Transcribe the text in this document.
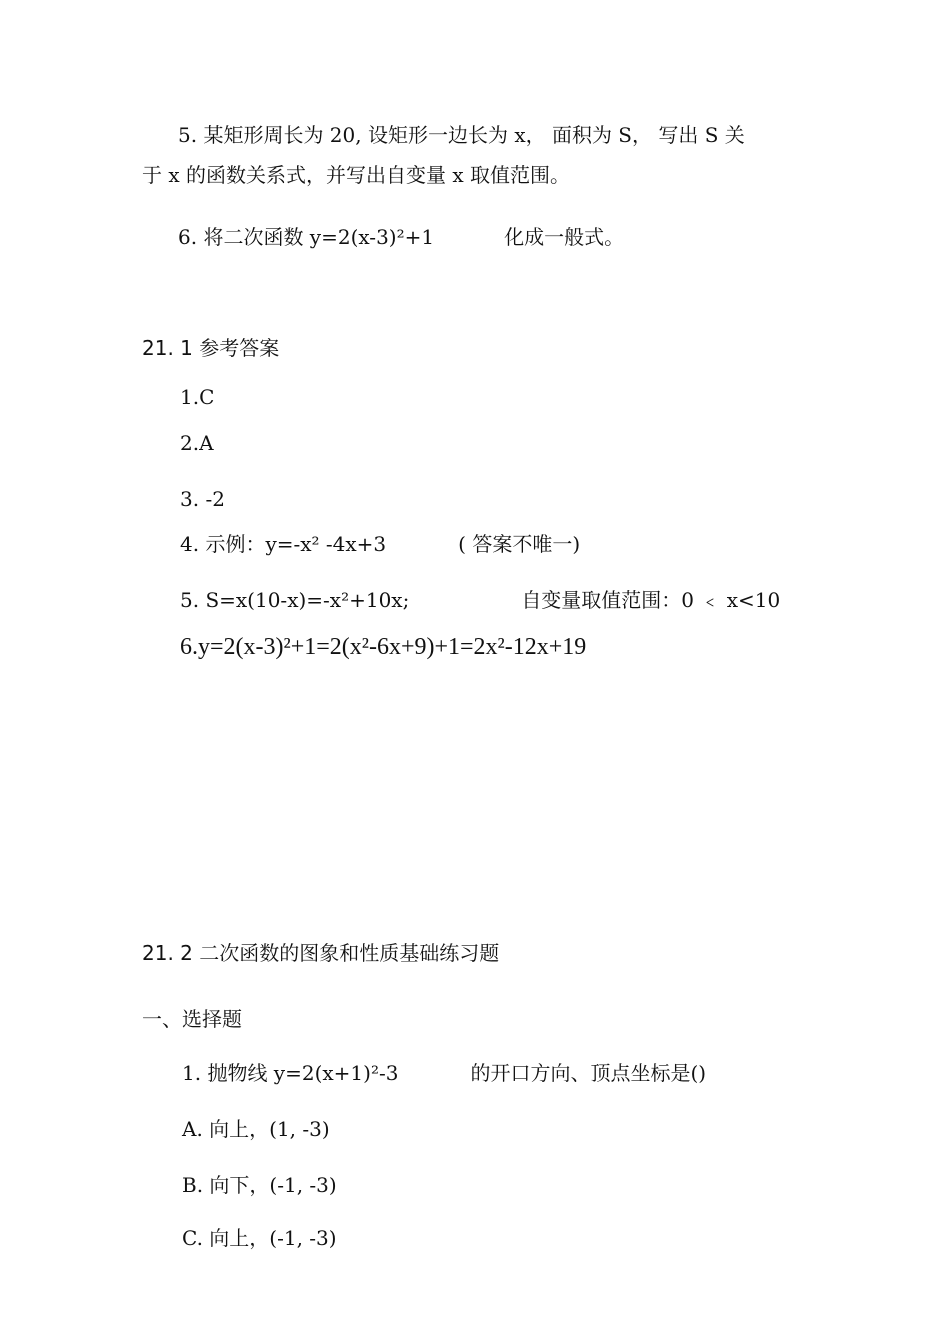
5. 某矩形周长为 20, 设矩形一边长为 x， 面积为 S， 写出 S 关
于 x 的函数关系式，并写出自变量 x 取值范围。
6. 将二次函数 y=2(x-3)²+1	化成一般式。
21. 1 参考答案
1.C
2.A
3. -2
4. 示例：y=-x² -4x+3	( 答案不唯一)
5. S=x(10-x)=-x²+10x;	自变量取值范围：0 ﹤ x<10
6.y=2(x-3)²+1=2(x²-6x+9)+1=2x²-12x+19
21. 2 二次函数的图象和性质基础练习题
一、选择题
1. 抛物线 y=2(x+1)²-3	的开口方向、顶点坐标是()
A. 向上，(1, -3)
B. 向下，(-1, -3)
C. 向上，(-1, -3)
